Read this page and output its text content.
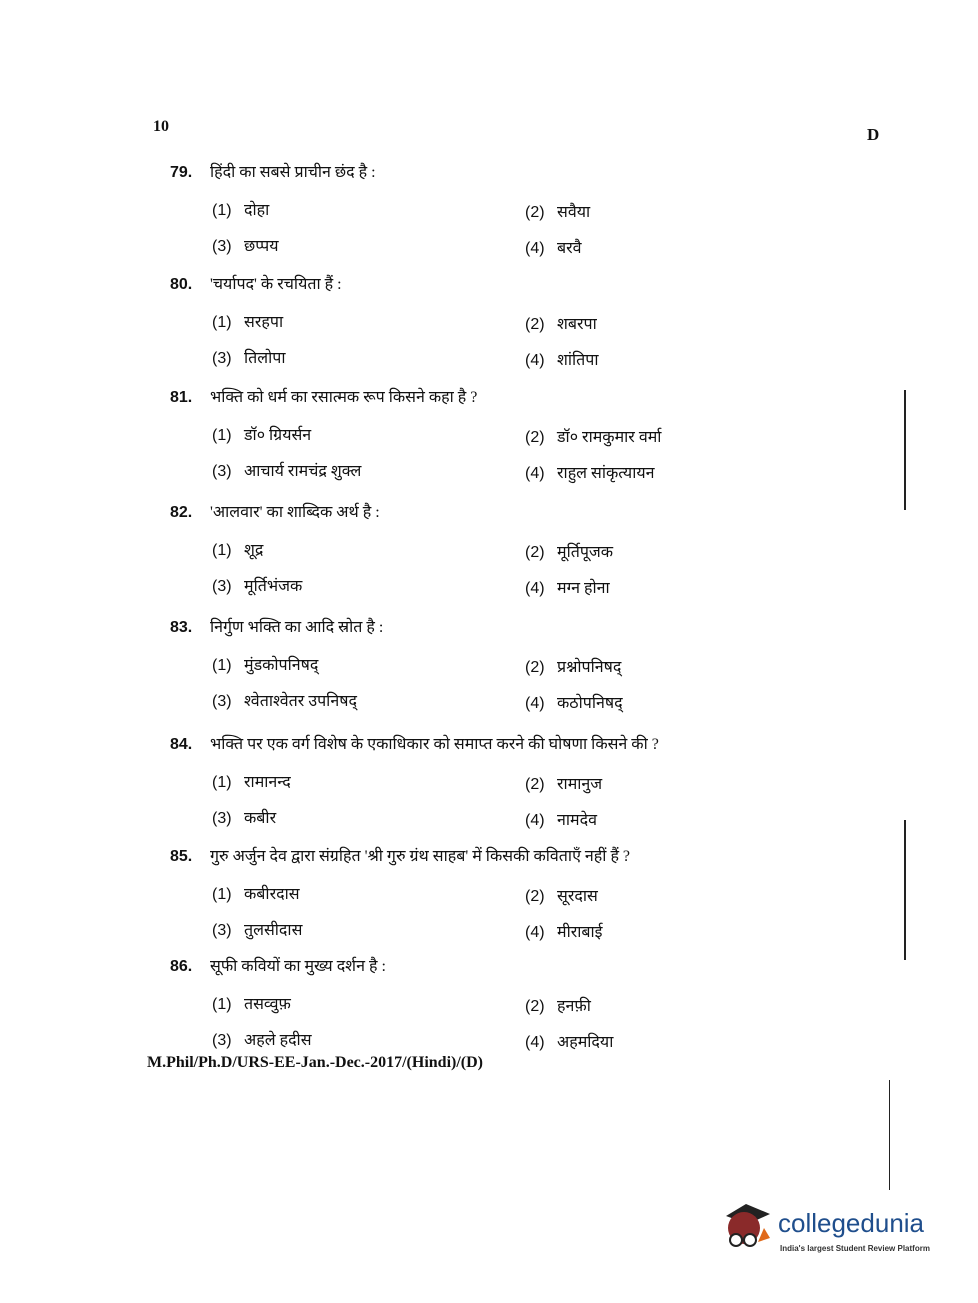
10	D
79. हिंदी का सबसे प्राचीन छंद है :
(1) दोहा	(2) सवैया
(3) छप्पय	(4) बरवै
80. 'चर्यापद' के रचयिता हैं :
(1) सरहपा	(2) शबरपा
(3) तिलोपा	(4) शांतिपा
81. भक्ति को धर्म का रसात्मक रूप किसने कहा है ?
(1) डॉ० ग्रियर्सन	(2) डॉ० रामकुमार वर्मा
(3) आचार्य रामचंद्र शुक्ल	(4) राहुल सांकृत्यायन
82. 'आलवार' का शाब्दिक अर्थ है :
(1) शूद्र	(2) मूर्तिपूजक
(3) मूर्तिभंजक	(4) मग्न होना
83. निर्गुण भक्ति का आदि स्रोत है :
(1) मुंडकोपनिषद्	(2) प्रश्नोपनिषद्
(3) श्वेताश्वेतर उपनिषद्	(4) कठोपनिषद्
84. भक्ति पर एक वर्ग विशेष के एकाधिकार को समाप्त करने की घोषणा किसने की ?
(1) रामानन्द	(2) रामानुज
(3) कबीर	(4) नामदेव
85. गुरु अर्जुन देव द्वारा संग्रहित 'श्री गुरु ग्रंथ साहब' में किसकी कविताएँ नहीं हैं ?
(1) कबीरदास	(2) सूरदास
(3) तुलसीदास	(4) मीराबाई
86. सूफी कवियों का मुख्य दर्शन है :
(1) तसव्वुफ़	(2) हनफ़ी
(3) अहले हदीस	(4) अहमदिया
M.Phil/Ph.D/URS-EE-Jan.-Dec.-2017/(Hindi)/(D)
collegedunia
India's largest Student Review Platform
